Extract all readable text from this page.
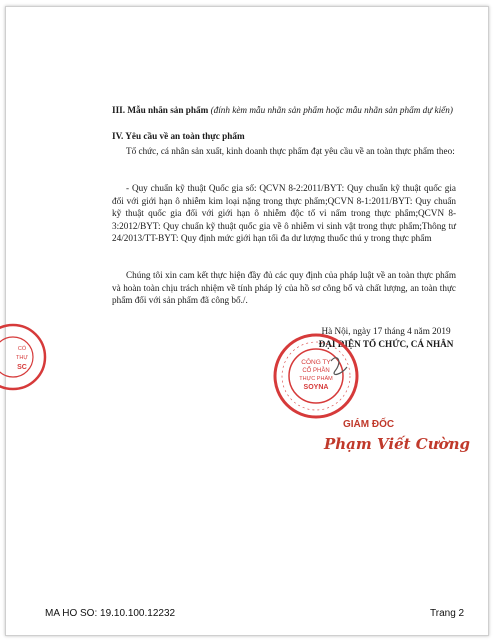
III. Mẫu nhãn sản phẩm (đính kèm mẫu nhãn sản phẩm hoặc mẫu nhãn sản phẩm dự kiến)
IV. Yêu cầu về an toàn thực phẩm
Tổ chức, cá nhân sản xuất, kinh doanh thực phẩm đạt yêu cầu về an toàn thực phẩm theo:
- Quy chuẩn kỹ thuật Quốc gia số: QCVN 8-2:2011/BYT: Quy chuẩn kỹ thuật quốc gia đối với giới hạn ô nhiễm kim loại nặng trong thực phẩm;QCVN 8-1:2011/BYT: Quy chuẩn kỹ thuật quốc gia đối với giới hạn ô nhiễm độc tố vi nấm trong thực phẩm;QCVN 8-3:2012/BYT: Quy chuẩn kỹ thuật quốc gia về ô nhiễm vi sinh vật trong thực phẩm;Thông tư 24/2013/TT-BYT: Quy định mức giới hạn tối đa dư lượng thuốc thú y trong thực phẩm
Chúng tôi xin cam kết thực hiện đầy đủ các quy định của pháp luật về an toàn thực phẩm và hoàn toàn chịu trách nhiệm về tính pháp lý của hồ sơ công bố và chất lượng, an toàn thực phẩm đối với sản phẩm đã công bố./.
Hà Nội, ngày 17 tháng 4 năm 2019
ĐẠI DIỆN TỔ CHỨC, CÁ NHÂN
CÔNG TY
CỔ PHẦN
THỰC PHẨM
SOYNA
CỔ
THỰ
SC
GIÁM ĐỐC
Phạm Viết Cường
MA HO SO: 19.10.100.12232	Trang 2
